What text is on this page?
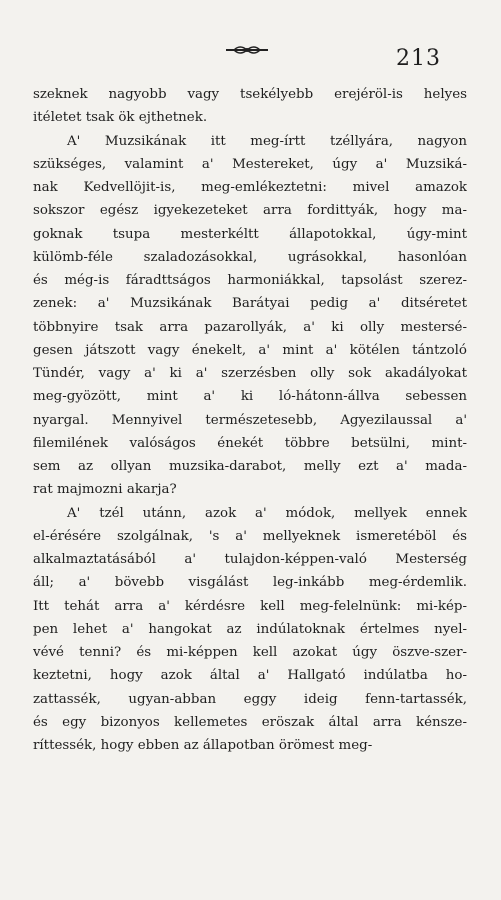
213
szeknek nagyobb vagy tsekélyebb erejéröl-is helyes
itéletet tsak ök ejthetnek.
A' Muzsikának itt meg-írtt tzéllyára, nagyon
szükséges, valamint a' Mestereket, úgy a' Muzsiká-
nak Kedvellöjit-is, meg-emlékeztetni: mivel amazok
sokszor egész igyekezeteket arra fordittyák, hogy ma-
goknak tsupa mesterkéltt állapotokkal, úgy-mint
külömb-féle szaladozásokkal, ugrásokkal, hasonlóan
és még-is fáradttságos harmoniákkal, tapsolást szerez-
zenek: a' Muzsikának Barátyai pedig a' ditséretet
többnyire tsak arra pazarollyák, a' ki olly mestersé-
gesen játszott vagy énekelt, a' mint a' kötélen tántzoló
Tündér, vagy a' ki a' szerzésben olly sok akadályokat
meg-gyözött, mint a' ki ló-hátonn-állva sebessen
nyargal. Mennyivel természetesebb, Agyezilaussal a'
filemilének valóságos énekét többre betsülni, mint-
sem az ollyan muzsika-darabot, melly ezt a' mada-
rat majmozni akarja?
A' tzél utánn, azok a' módok, mellyek ennek
el-érésére szolgálnak, 's a' mellyeknek ismeretéböl és
alkalmaztatásából a' tulajdon-képpen-való Mesterség
áll; a' bövebb visgálást leg-inkább meg-érdemlik.
Itt tehát arra a' kérdésre kell meg-felelnünk: mi-kép-
pen lehet a' hangokat az indúlatoknak értelmes nyel-
vévé tenni? és mi-képpen kell azokat úgy öszve-szer-
keztetni, hogy azok által a' Hallgató indúlatba ho-
zattassék, ugyan-abban eggy ideig fenn-tartassék,
és egy bizonyos kellemetes eröszak által arra kénsze-
ríttessék, hogy ebben az állapotban örömest meg-
